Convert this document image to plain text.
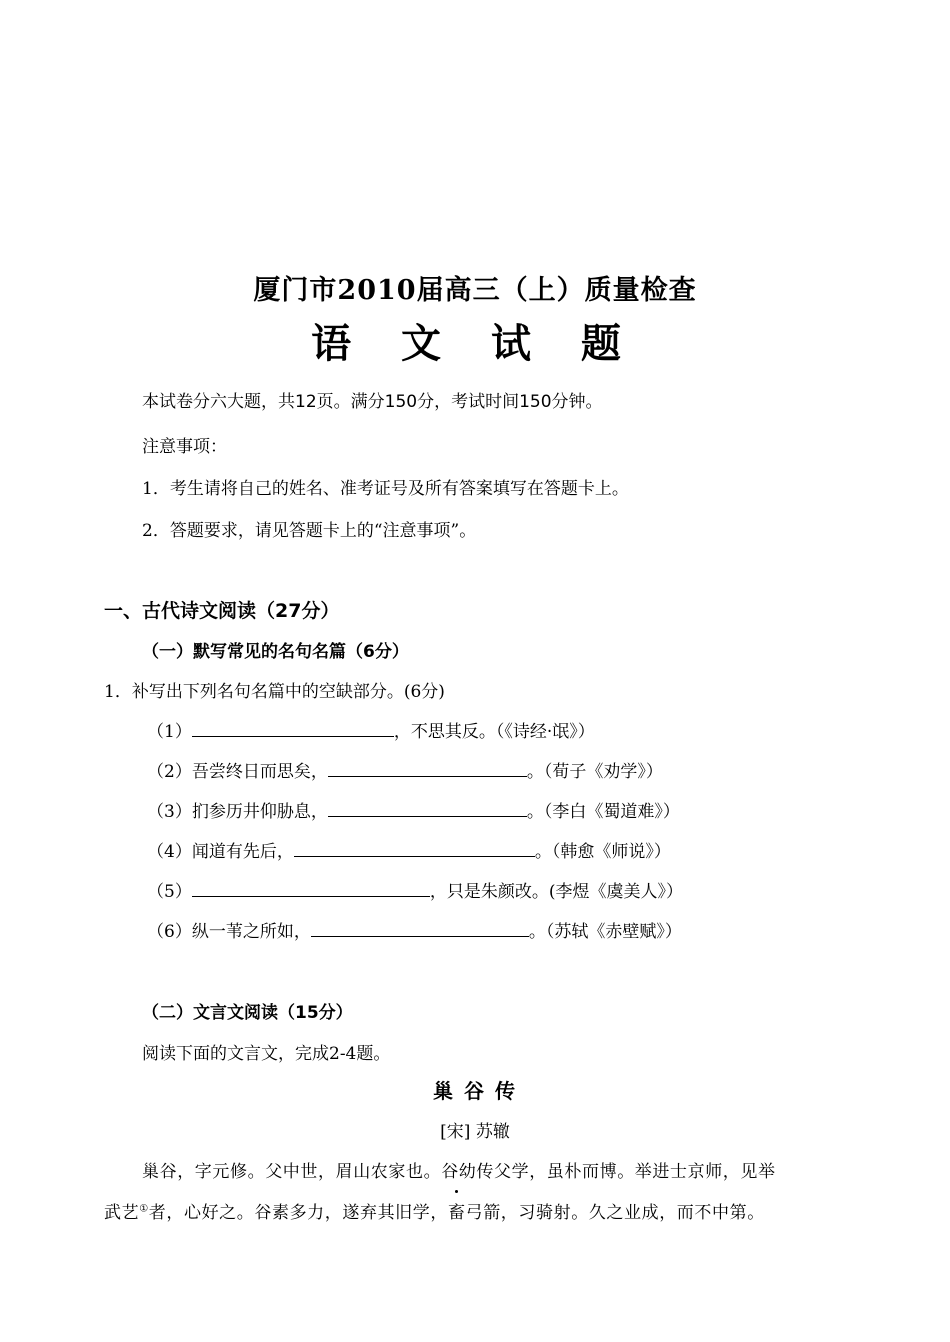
厦门市2010届高三（上）质量检查
语 文 试 题
本试卷分六大题，共12页。满分150分，考试时间150分钟。
注意事项：
1．考生请将自己的姓名、准考证号及所有答案填写在答题卡上。
2．答题要求，请见答题卡上的“注意事项”。
一、古代诗文阅读（27分）
（一）默写常见的名句名篇（6分）
1．补写出下列名句名篇中的空缺部分。(6分)
（1）	，不思其反。（《诗经·氓》）
（2）吾尝终日而思矣，	。（荀子《劝学》）
（3）扪参历井仰胁息，	。（李白《蜀道难》）
（4）闻道有先后，	。（韩愈《师说》）
（5）	，只是朱颜改。(李煜《虞美人》）
（6）纵一苇之所如，	。（苏轼《赤壁赋》）
（二）文言文阅读（15分）
阅读下面的文言文，完成2-4题。
巢 谷 传
[宋] 苏辙
巢谷，字元修。父中世，眉山农家也。谷幼传父学，虽朴而博。举进士京师，见举
武艺①者，心好之。谷素多力，遂弃其旧学，畜弓箭，习骑射。久之业成，而不中第。
